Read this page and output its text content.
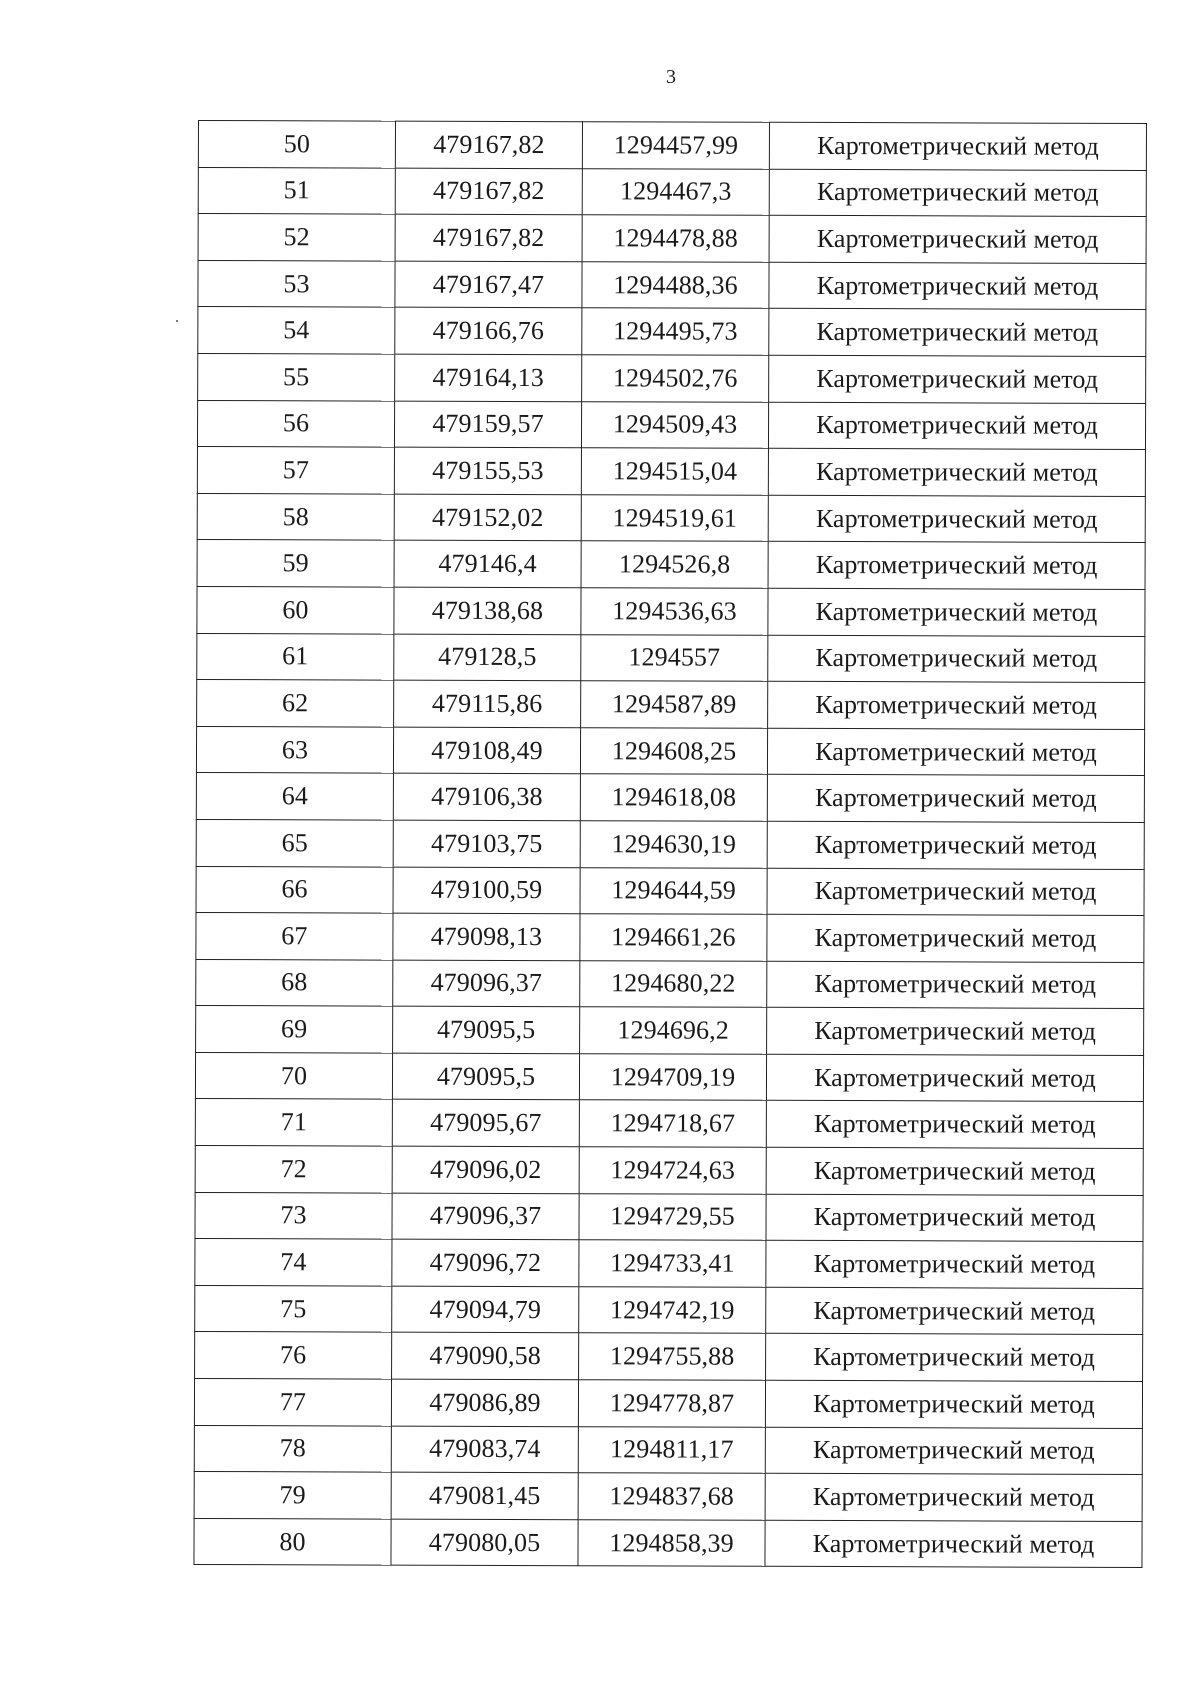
3
50	479167,82	1294457,99	Картометрический метод
51	479167,82	1294467,3	Картометрический метод
52	479167,82	1294478,88	Картометрический метод
53	479167,47	1294488,36	Картометрический метод
54	479166,76	1294495,73	Картометрический метод
55	479164,13	1294502,76	Картометрический метод
56	479159,57	1294509,43	Картометрический метод
57	479155,53	1294515,04	Картометрический метод
58	479152,02	1294519,61	Картометрический метод
59	479146,4	1294526,8	Картометрический метод
60	479138,68	1294536,63	Картометрический метод
61	479128,5	1294557	Картометрический метод
62	479115,86	1294587,89	Картометрический метод
63	479108,49	1294608,25	Картометрический метод
64	479106,38	1294618,08	Картометрический метод
65	479103,75	1294630,19	Картометрический метод
66	479100,59	1294644,59	Картометрический метод
67	479098,13	1294661,26	Картометрический метод
68	479096,37	1294680,22	Картометрический метод
69	479095,5	1294696,2	Картометрический метод
70	479095,5	1294709,19	Картометрический метод
71	479095,67	1294718,67	Картометрический метод
72	479096,02	1294724,63	Картометрический метод
73	479096,37	1294729,55	Картометрический метод
74	479096,72	1294733,41	Картометрический метод
75	479094,79	1294742,19	Картометрический метод
76	479090,58	1294755,88	Картометрический метод
77	479086,89	1294778,87	Картометрический метод
78	479083,74	1294811,17	Картометрический метод
79	479081,45	1294837,68	Картометрический метод
80	479080,05	1294858,39	Картометрический метод
